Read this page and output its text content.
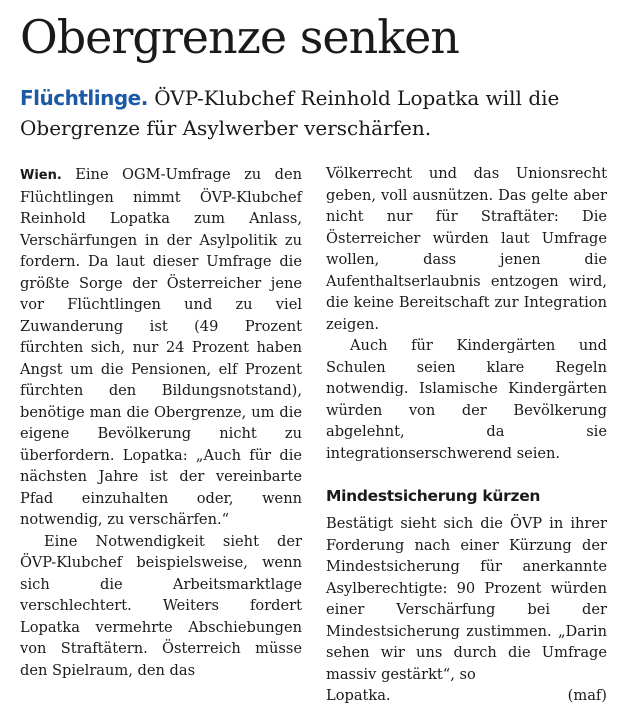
Obergrenze senken

Flüchtlinge. ÖVP-Klubchef Reinhold Lopatka will die Obergrenze für Asylwerber verschärfen.

Wien. Eine OGM-Umfrage zu den Flüchtlingen nimmt ÖVP-Klubchef Reinhold Lopatka zum Anlass, Verschärfungen in der Asylpolitik zu fordern. Da laut dieser Umfrage die größte Sorge der Österreicher jene vor Flüchtlingen und zu viel Zuwanderung ist (49 Prozent fürchten sich, nur 24 Prozent haben Angst um die Pensionen, elf Prozent fürchten den Bildungsnotstand), benötige man die Obergrenze, um die eigene Bevölkerung nicht zu überfordern. Lopatka: „Auch für die nächsten Jahre ist der vereinbarte Pfad einzuhalten oder, wenn notwendig, zu verschärfen.“

Eine Notwendigkeit sieht der ÖVP-Klubchef beispielsweise, wenn sich die Arbeitsmarktlage verschlechtert. Weiters fordert Lopatka vermehrte Abschiebungen von Straftätern. Österreich müsse den Spielraum, den das

Völkerrecht und das Unionsrecht geben, voll ausnützen. Das gelte aber nicht nur für Straftäter: Die Österreicher würden laut Umfrage wollen, dass jenen die Aufenthaltserlaubnis entzogen wird, die keine Bereitschaft zur Integration zeigen.

Auch für Kindergärten und Schulen seien klare Regeln notwendig. Islamische Kindergärten würden von der Bevölkerung abgelehnt, da sie integrationserschwerend seien.

Mindestsicherung kürzen

Bestätigt sieht sich die ÖVP in ihrer Forderung nach einer Kürzung der Mindestsicherung für anerkannte Asylberechtigte: 90 Prozent würden einer Verschärfung bei der Mindestsicherung zustimmen. „Darin sehen wir uns durch die Umfrage massiv gestärkt“, so

Lopatka.	(maf)
